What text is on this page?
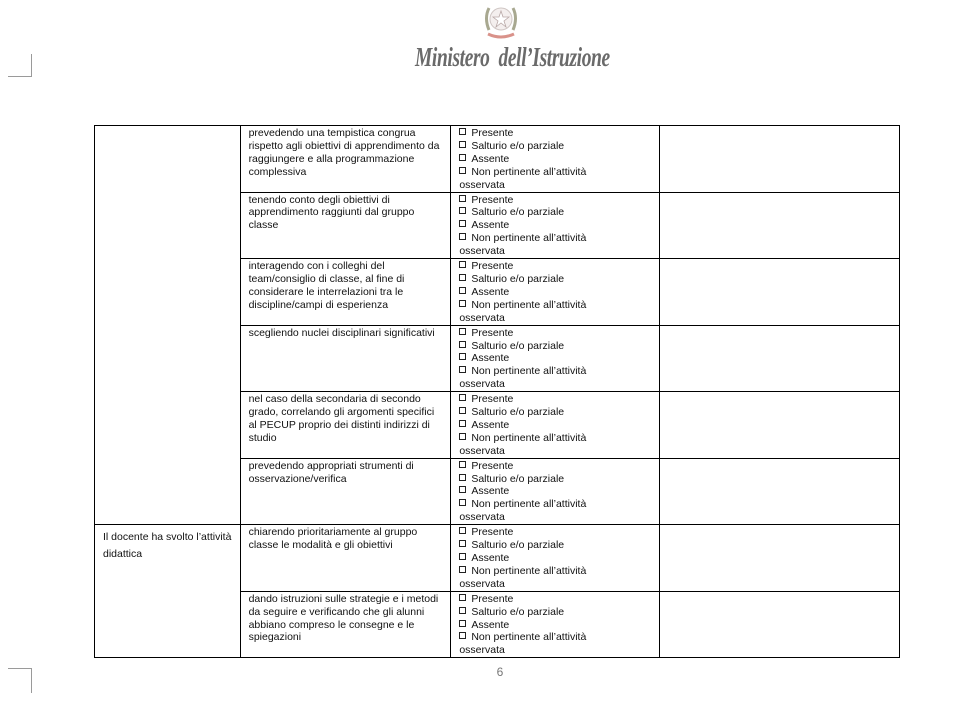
Ministero  dell’Istruzione
	prevedendo una tempistica congrua rispetto agli obiettivi di apprendimento da raggiungere e alla programmazione complessiva	Presente
Salturio e/o parziale
Assente
Non pertinente all’attività
osservata	

	tenendo conto degli obiettivi di apprendimento raggiunti dal gruppo classe	Presente
Salturio e/o parziale
Assente
Non pertinente all’attività
osservata	

	interagendo con i colleghi del team/consiglio di classe, al fine di considerare le interrelazioni tra le discipline/campi di esperienza	Presente
Salturio e/o parziale
Assente
Non pertinente all’attività
osservata	

	scegliendo nuclei disciplinari significativi	Presente
Salturio e/o parziale
Assente
Non pertinente all’attività
osservata	

	nel caso della secondaria di secondo grado, correlando gli argomenti specifici al PECUP proprio dei distinti indirizzi di studio	Presente
Salturio e/o parziale
Assente
Non pertinente all’attività
osservata	

	prevedendo appropriati strumenti di osservazione/verifica	Presente
Salturio e/o parziale
Assente
Non pertinente all’attività
osservata	

Il docente ha svolto l’attività didattica	chiarendo prioritariamente al gruppo classe le modalità e gli obiettivi	Presente
Salturio e/o parziale
Assente
Non pertinente all’attività
osservata	

	dando istruzioni sulle strategie e i metodi da seguire e verificando che gli alunni abbiano compreso le consegne e le spiegazioni	Presente
Salturio e/o parziale
Assente
Non pertinente all’attività
osservata	

6
